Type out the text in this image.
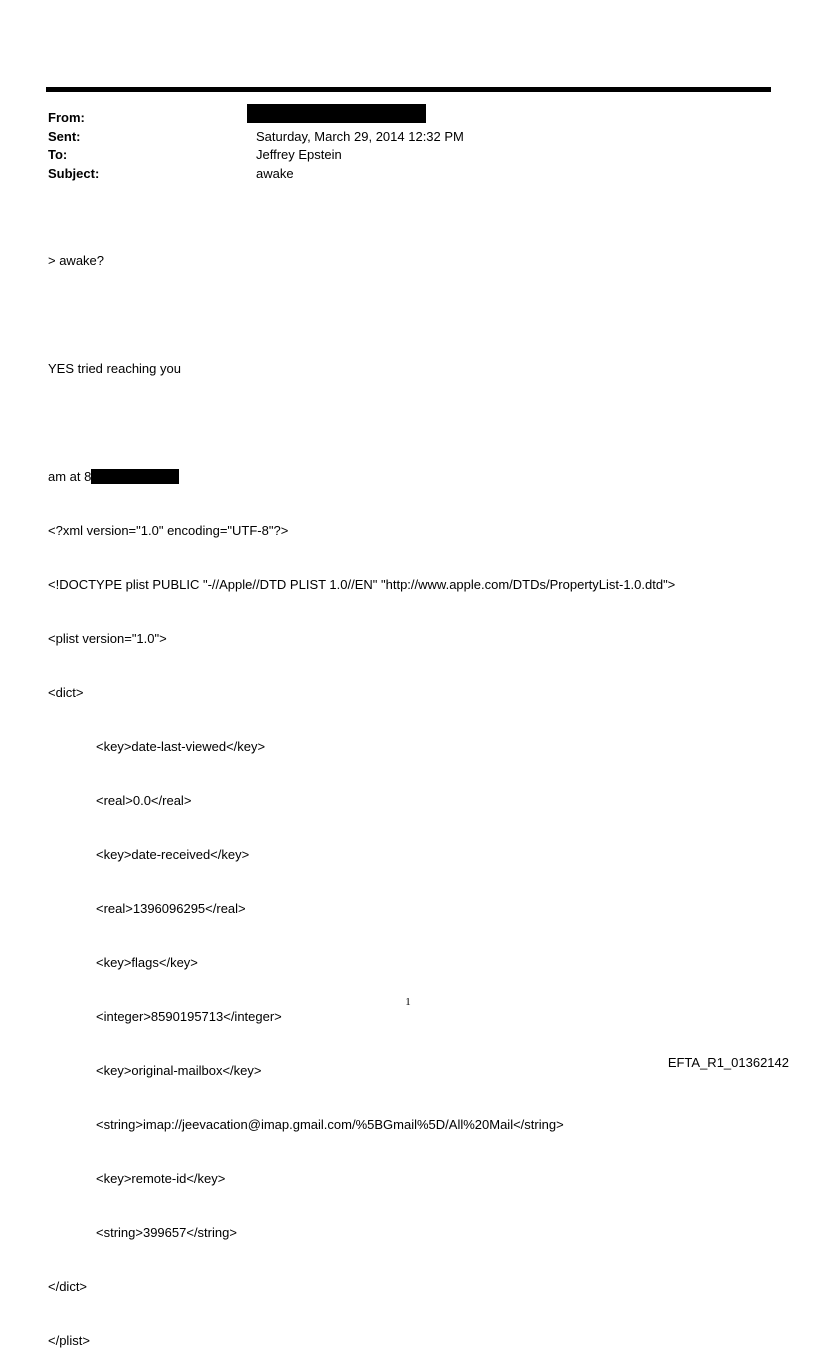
From:
Sent:	Saturday, March 29, 2014 12:32 PM
To:	Jeffrey Epstein
Subject:	awake

> awake?

YES tried reaching you

am at 8

<?xml version="1.0" encoding="UTF-8"?>

<!DOCTYPE plist PUBLIC "-//Apple//DTD PLIST 1.0//EN" "http://www.apple.com/DTDs/PropertyList-1.0.dtd">

<plist version="1.0">

<dict>

<key>date-last-viewed</key>

<real>0.0</real>

<key>date-received</key>

<real>1396096295</real>

<key>flags</key>

<integer>8590195713</integer>

<key>original-mailbox</key>

<string>imap://jeevacation@imap.gmail.com/%5BGmail%5D/All%20Mail</string>

<key>remote-id</key>

<string>399657</string>

</dict>

</plist>

1
EFTA_R1_01362142
